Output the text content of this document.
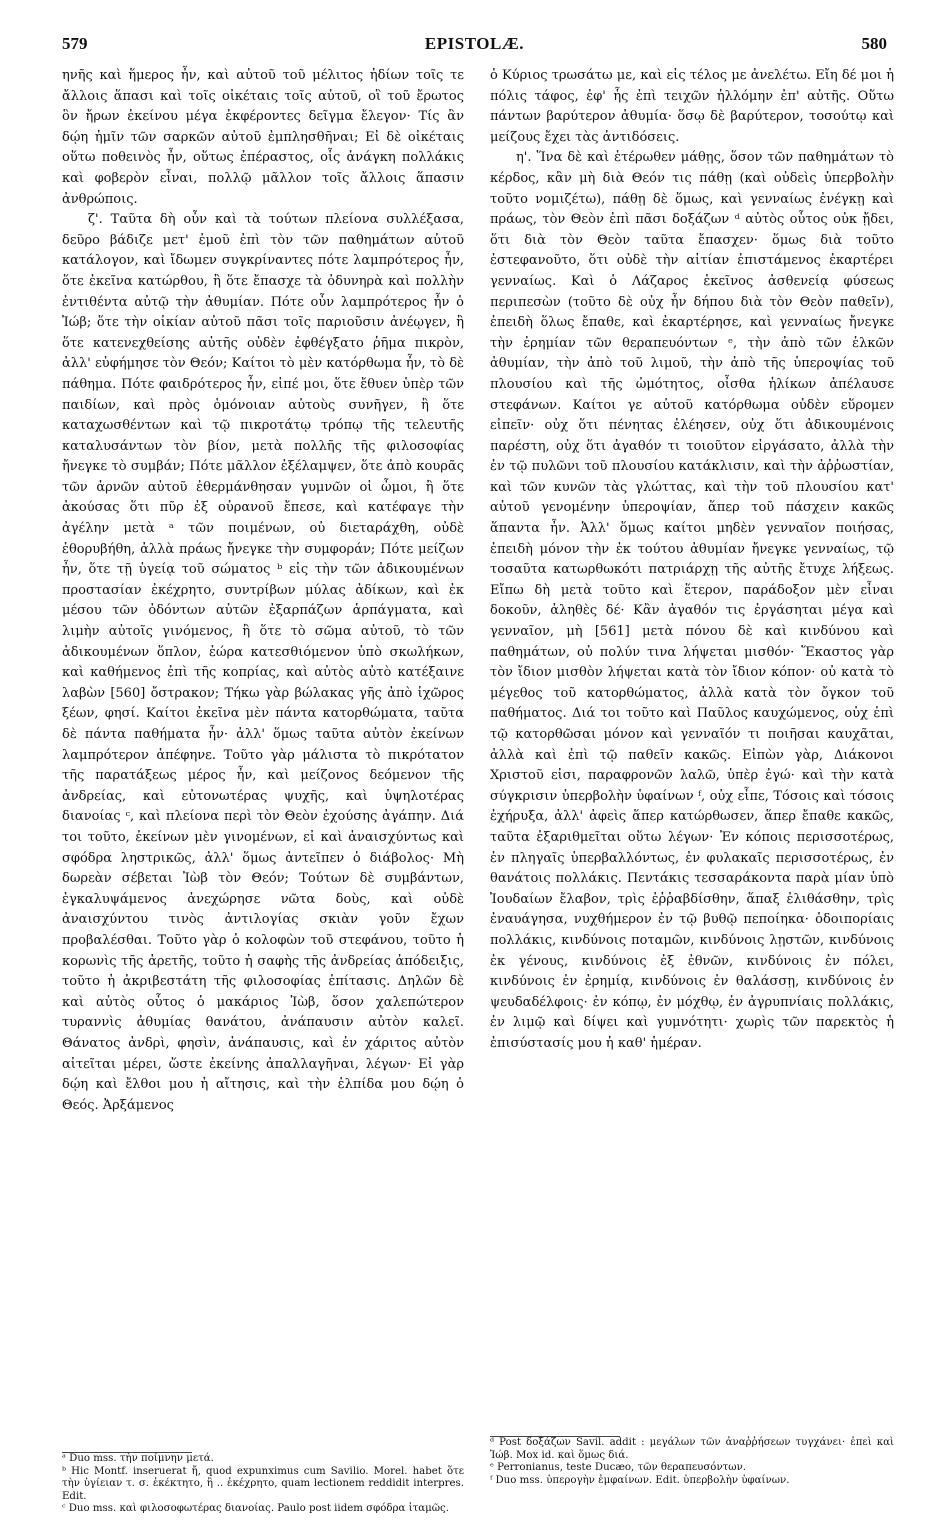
579	EPISTOLÆ.	580

ηνῆς καὶ ἥμερος ἦν, καὶ αὐτοῦ τοῦ μέλιτος ἡδίων τοῖς τε ἄλλοις ἅπασι καὶ τοῖς οἰκέταις τοῖς αὐτοῦ, οἳ τοῦ ἔρωτος ὃν ἤρων ἐκείνου μέγα ἐκφέροντες δεῖγμα ἔλεγον· Τίς ἂν δῴη ἡμῖν τῶν σαρκῶν αὐτοῦ ἐμπλησθῆναι; Εἰ δὲ οἰκέταις οὕτω ποθεινὸς ἦν, οὕτως ἐπέραστος, οἷς ἀνάγκη πολλάκις καὶ φοβερὸν εἶναι, πολλῷ μᾶλλον τοῖς ἄλλοις ἅπασιν ἀνθρώποις.

ζ'. Ταῦτα δὴ οὖν καὶ τὰ τούτων πλείονα συλλέξασα, δεῦρο βάδιζε μετ' ἐμοῦ ἐπὶ τὸν τῶν παθημάτων αὐτοῦ κατάλογον, καὶ ἴδωμεν συγκρίναντες πότε λαμπρότερος ἦν, ὅτε ἐκεῖνα κατώρθου, ἢ ὅτε ἔπασχε τὰ ὀδυνηρὰ καὶ πολλὴν ἐντιθέντα αὐτῷ τὴν ἀθυμίαν. Πότε οὖν λαμπρότερος ἦν ὁ Ἰώβ; ὅτε τὴν οἰκίαν αὐτοῦ πᾶσι τοῖς παριοῦσιν ἀνέῳγεν, ἢ ὅτε κατενεχθείσης αὐτῆς οὐδὲν ἐφθέγξατο ῥῆμα πικρὸν, ἀλλ' εὐφήμησε τὸν Θεόν; Καίτοι τὸ μὲν κατόρθωμα ἦν, τὸ δὲ πάθημα. Πότε φαιδρότερος ἦν, εἰπέ μοι, ὅτε ἔθυεν ὑπὲρ τῶν παιδίων, καὶ πρὸς ὁμόνοιαν αὐτοὺς συνῆγεν, ἢ ὅτε καταχωσθέντων καὶ τῷ πικροτάτῳ τρόπῳ τῆς τελευτῆς καταλυσάντων τὸν βίον, μετὰ πολλῆς τῆς φιλοσοφίας ἤνεγκε τὸ συμβάν; Πότε μᾶλλον ἐξέλαμψεν, ὅτε ἀπὸ κουρᾶς τῶν ἀρνῶν αὐτοῦ ἐθερμάνθησαν γυμνῶν οἱ ὦμοι, ἢ ὅτε ἀκούσας ὅτι πῦρ ἐξ οὐρανοῦ ἔπεσε, καὶ κατέφαγε τὴν ἀγέλην μετὰ ᵃ τῶν ποιμένων, οὐ διεταράχθη, οὐδὲ ἐθορυβήθη, ἀλλὰ πράως ἤνεγκε τὴν συμφοράν; Πότε μείζων ἦν, ὅτε τῇ ὑγείᾳ τοῦ σώματος ᵇ εἰς τὴν τῶν ἀδικουμένων προστασίαν ἐκέχρητο, συντρίβων μύλας ἀδίκων, καὶ ἐκ μέσου τῶν ὀδόντων αὐτῶν ἐξαρπάζων ἁρπάγματα, καὶ λιμὴν αὐτοῖς γινόμενος, ἢ ὅτε τὸ σῶμα αὐτοῦ, τὸ τῶν ἀδικουμένων ὅπλον, ἑώρα κατεσθιόμενον ὑπὸ σκωλήκων, καὶ καθήμενος ἐπὶ τῆς κοπρίας, καὶ αὐτὸς αὐτὸ κατέξαινε λαβὼν [560] ὄστρακον; Τήκω γὰρ βώλακας γῆς ἀπὸ ἰχῶρος ξέων, φησί. Καίτοι ἐκεῖνα μὲν πάντα κατορθώματα, ταῦτα δὲ πάντα παθήματα ἦν· ἀλλ' ὅμως ταῦτα αὐτὸν ἐκείνων λαμπρότερον ἀπέφηνε. Τοῦτο γὰρ μάλιστα τὸ πικρότατον τῆς παρατάξεως μέρος ἦν, καὶ μείζονος δεόμενον τῆς ἀνδρείας, καὶ εὐτονωτέρας ψυχῆς, καὶ ὑψηλοτέρας διανοίας ᶜ, καὶ πλείονα περὶ τὸν Θεὸν ἐχούσης ἀγάπην. Διά τοι τοῦτο, ἐκείνων μὲν γινομένων, εἰ καὶ ἀναισχύντως καὶ σφόδρα ληστρικῶς, ἀλλ' ὅμως ἀντεῖπεν ὁ διάβολος· Μὴ δωρεὰν σέβεται Ἰὼβ τὸν Θεόν; Τούτων δὲ συμβάντων, ἐγκαλυψάμενος ἀνεχώρησε νῶτα δοὺς, καὶ οὐδὲ ἀναισχύντου τινὸς ἀντιλογίας σκιὰν γοῦν ἔχων προβαλέσθαι. Τοῦτο γὰρ ὁ κολοφὼν τοῦ στεφάνου, τοῦτο ἡ κορωνὶς τῆς ἀρετῆς, τοῦτο ἡ σαφὴς τῆς ἀνδρείας ἀπόδειξις, τοῦτο ἡ ἀκριβεστάτη τῆς φιλοσοφίας ἐπίτασις. Δηλῶν δὲ καὶ αὐτὸς οὗτος ὁ μακάριος Ἰὼβ, ὅσον χαλεπώτερον τυραννὶς ἀθυμίας θανάτου, ἀνάπαυσιν αὐτὸν καλεῖ. Θάνατος ἀνδρὶ, φησὶν, ἀνάπαυσις, καὶ ἐν χάριτος αὐτὸν αἰτεῖται μέρει, ὥστε ἐκείνης ἀπαλλαγῆναι, λέγων· Εἰ γὰρ δῴη καὶ ἔλθοι μου ἡ αἴτησις, καὶ τὴν ἐλπίδα μου δῴη ὁ Θεός. Ἀρξάμενος

ὁ Κύριος τρωσάτω με, καὶ εἰς τέλος με ἀνελέτω. Εἴη δέ μοι ἡ πόλις τάφος, ἐφ' ἧς ἐπὶ τειχῶν ἡλλόμην ἐπ' αὐτῆς. Οὕτω πάντων βαρύτερον ἀθυμία· ὅσῳ δὲ βαρύτερον, τοσούτῳ καὶ μείζους ἔχει τὰς ἀντιδόσεις.

η'. Ἵνα δὲ καὶ ἑτέρωθεν μάθῃς, ὅσον τῶν παθημάτων τὸ κέρδος, κἂν μὴ διὰ Θεόν τις πάθῃ (καὶ οὐδεὶς ὑπερβολὴν τοῦτο νομιζέτω), πάθῃ δὲ ὅμως, καὶ γενναίως ἐνέγκῃ καὶ πράως, τὸν Θεὸν ἐπὶ πᾶσι δοξάζων ᵈ αὐτὸς οὗτος οὐκ ᾔδει, ὅτι διὰ τὸν Θεὸν ταῦτα ἔπασχεν· ὅμως διὰ τοῦτο ἐστεφανοῦτο, ὅτι οὐδὲ τὴν αἰτίαν ἐπιστάμενος ἐκαρτέρει γενναίως. Καὶ ὁ Λάζαρος ἐκεῖνος ἀσθενείᾳ φύσεως περιπεσὼν (τοῦτο δὲ οὐχ ἦν δήπου διὰ τὸν Θεὸν παθεῖν), ἐπειδὴ ὅλως ἔπαθε, καὶ ἐκαρτέρησε, καὶ γενναίως ἤνεγκε τὴν ἐρημίαν τῶν θεραπευόντων ᵉ, τὴν ἀπὸ τῶν ἑλκῶν ἀθυμίαν, τὴν ἀπὸ τοῦ λιμοῦ, τὴν ἀπὸ τῆς ὑπεροψίας τοῦ πλουσίου καὶ τῆς ὠμότητος, οἶσθα ἡλίκων ἀπέλαυσε στεφάνων. Καίτοι γε αὐτοῦ κατόρθωμα οὐδὲν εὕρομεν εἰπεῖν· οὐχ ὅτι πένητας ἐλέησεν, οὐχ ὅτι ἀδικουμένοις παρέστη, οὐχ ὅτι ἀγαθόν τι τοιοῦτον εἰργάσατο, ἀλλὰ τὴν ἐν τῷ πυλῶνι τοῦ πλουσίου κατάκλισιν, καὶ τὴν ἀῤῥωστίαν, καὶ τῶν κυνῶν τὰς γλώττας, καὶ τὴν τοῦ πλουσίου κατ' αὐτοῦ γενομένην ὑπεροψίαν, ἅπερ τοῦ πάσχειν κακῶς ἅπαντα ἦν. Ἀλλ' ὅμως καίτοι μηδὲν γενναῖον ποιήσας, ἐπειδὴ μόνον τὴν ἐκ τούτου ἀθυμίαν ἤνεγκε γενναίως, τῷ τοσαῦτα κατωρθωκότι πατριάρχῃ τῆς αὐτῆς ἔτυχε λήξεως. Εἴπω δὴ μετὰ τοῦτο καὶ ἕτερον, παράδοξον μὲν εἶναι δοκοῦν, ἀληθὲς δέ· Κἂν ἀγαθόν τις ἐργάσηται μέγα καὶ γενναῖον, μὴ [561] μετὰ πόνου δὲ καὶ κινδύνου καὶ παθημάτων, οὐ πολύν τινα λήψεται μισθόν· Ἕκαστος γὰρ τὸν ἴδιον μισθὸν λήψεται κατὰ τὸν ἴδιον κόπον· οὐ κατὰ τὸ μέγεθος τοῦ κατορθώματος, ἀλλὰ κατὰ τὸν ὄγκον τοῦ παθήματος. Διά τοι τοῦτο καὶ Παῦλος καυχώμενος, οὐχ ἐπὶ τῷ κατορθῶσαι μόνον καὶ γενναῖόν τι ποιῆσαι καυχᾶται, ἀλλὰ καὶ ἐπὶ τῷ παθεῖν κακῶς. Εἰπὼν γὰρ, Διάκονοι Χριστοῦ εἰσι, παραφρονῶν λαλῶ, ὑπὲρ ἐγώ· καὶ τὴν κατὰ σύγκρισιν ὑπερβολὴν ὑφαίνων ᶠ, οὐχ εἶπε, Τόσοις καὶ τόσοις ἐχήρυξα, ἀλλ' ἀφεὶς ἅπερ κατώρθωσεν, ἅπερ ἔπαθε κακῶς, ταῦτα ἐξαριθμεῖται οὕτω λέγων· Ἐν κόποις περισσοτέρως, ἐν πληγαῖς ὑπερβαλλόντως, ἐν φυλακαῖς περισσοτέρως, ἐν θανάτοις πολλάκις. Πεντάκις τεσσαράκοντα παρὰ μίαν ὑπὸ Ἰουδαίων ἔλαβον, τρὶς ἐῤῥαβδίσθην, ἅπαξ ἐλιθάσθην, τρὶς ἐναυάγησα, νυχθήμερον ἐν τῷ βυθῷ πεποίηκα· ὁδοιπορίαις πολλάκις, κινδύνοις ποταμῶν, κινδύνοις λῃστῶν, κινδύνοις ἐκ γένους, κινδύνοις ἐξ ἐθνῶν, κινδύνοις ἐν πόλει, κινδύνοις ἐν ἐρημίᾳ, κινδύνοις ἐν θαλάσσῃ, κινδύνοις ἐν ψευδαδέλφοις· ἐν κόπῳ, ἐν μόχθῳ, ἐν ἀγρυπνίαις πολλάκις, ἐν λιμῷ καὶ δίψει καὶ γυμνότητι· χωρὶς τῶν παρεκτὸς ἡ ἐπισύστασίς μου ἡ καθ' ἡμέραν.

ᵃ Duo mss. τὴν ποίμνην μετά.
ᵇ Hic Montf. inseruerat ἤ, quod expunximus cum Savilio. Morel. habet ὅτε τὴν ὑγίειαν τ. σ. ἐκέκτητο, ἢ .. ἐκέχρητο, quam lectionem reddidit interpres. Edit.
ᶜ Duo mss. καὶ φιλοσοφωτέρας διανοίας. Paulo post iidem σφόδρα ἰταμῶς.
ᵈ Post δοξάζων Savil. addit : μεγάλων τῶν ἀναῤῥήσεων τυγχάνει· ἐπεὶ καὶ Ἰώβ. Mox id. καὶ ὅμως διά.
ᵉ Perronianus, teste Ducæo, τῶν θεραπευσόντων.
ᶠ Duo mss. ὑπερογὴν ἐμφαίνων. Edit. ὑπερβολὴν ὑφαίνων.
